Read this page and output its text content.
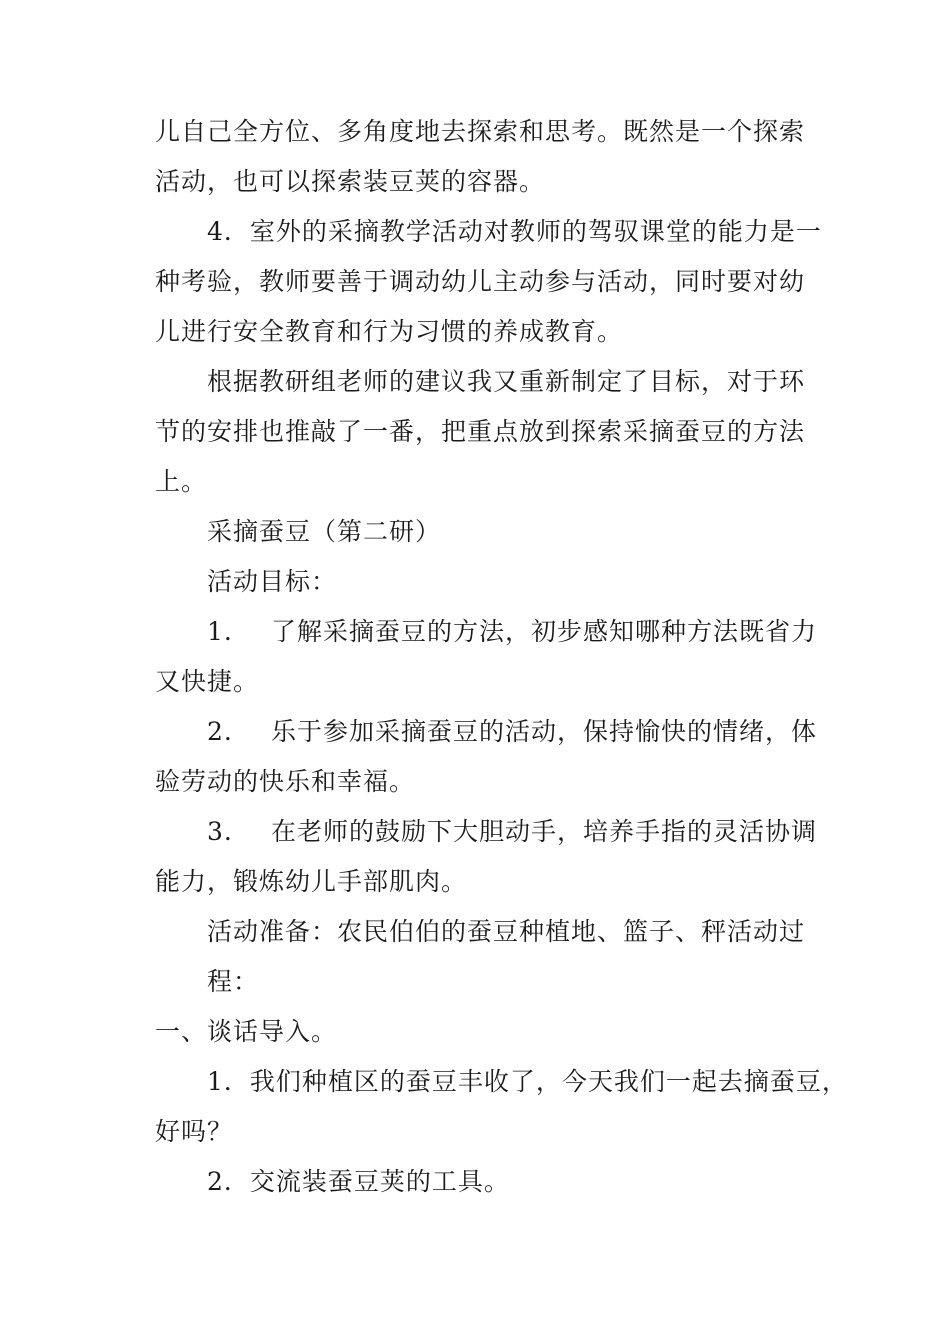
儿自己全方位、多角度地去探索和思考。既然是一个探索
活动，也可以探索装豆荚的容器。
4．室外的采摘教学活动对教师的驾驭课堂的能力是一
种考验，教师要善于调动幼儿主动参与活动，同时要对幼
儿进行安全教育和行为习惯的养成教育。
根据教研组老师的建议我又重新制定了目标，对于环
节的安排也推敲了一番，把重点放到探索采摘蚕豆的方法
上。
采摘蚕豆（第二研）
活动目标：
1. 了解采摘蚕豆的方法，初步感知哪种方法既省力
又快捷。
2. 乐于参加采摘蚕豆的活动，保持愉快的情绪，体
验劳动的快乐和幸福。
3. 在老师的鼓励下大胆动手，培养手指的灵活协调
能力，锻炼幼儿手部肌肉。
活动准备：农民伯伯的蚕豆种植地、篮子、秤活动过
程：
一、谈话导入。
1．我们种植区的蚕豆丰收了，今天我们一起去摘蚕豆，
好吗？
2．交流装蚕豆荚的工具。
